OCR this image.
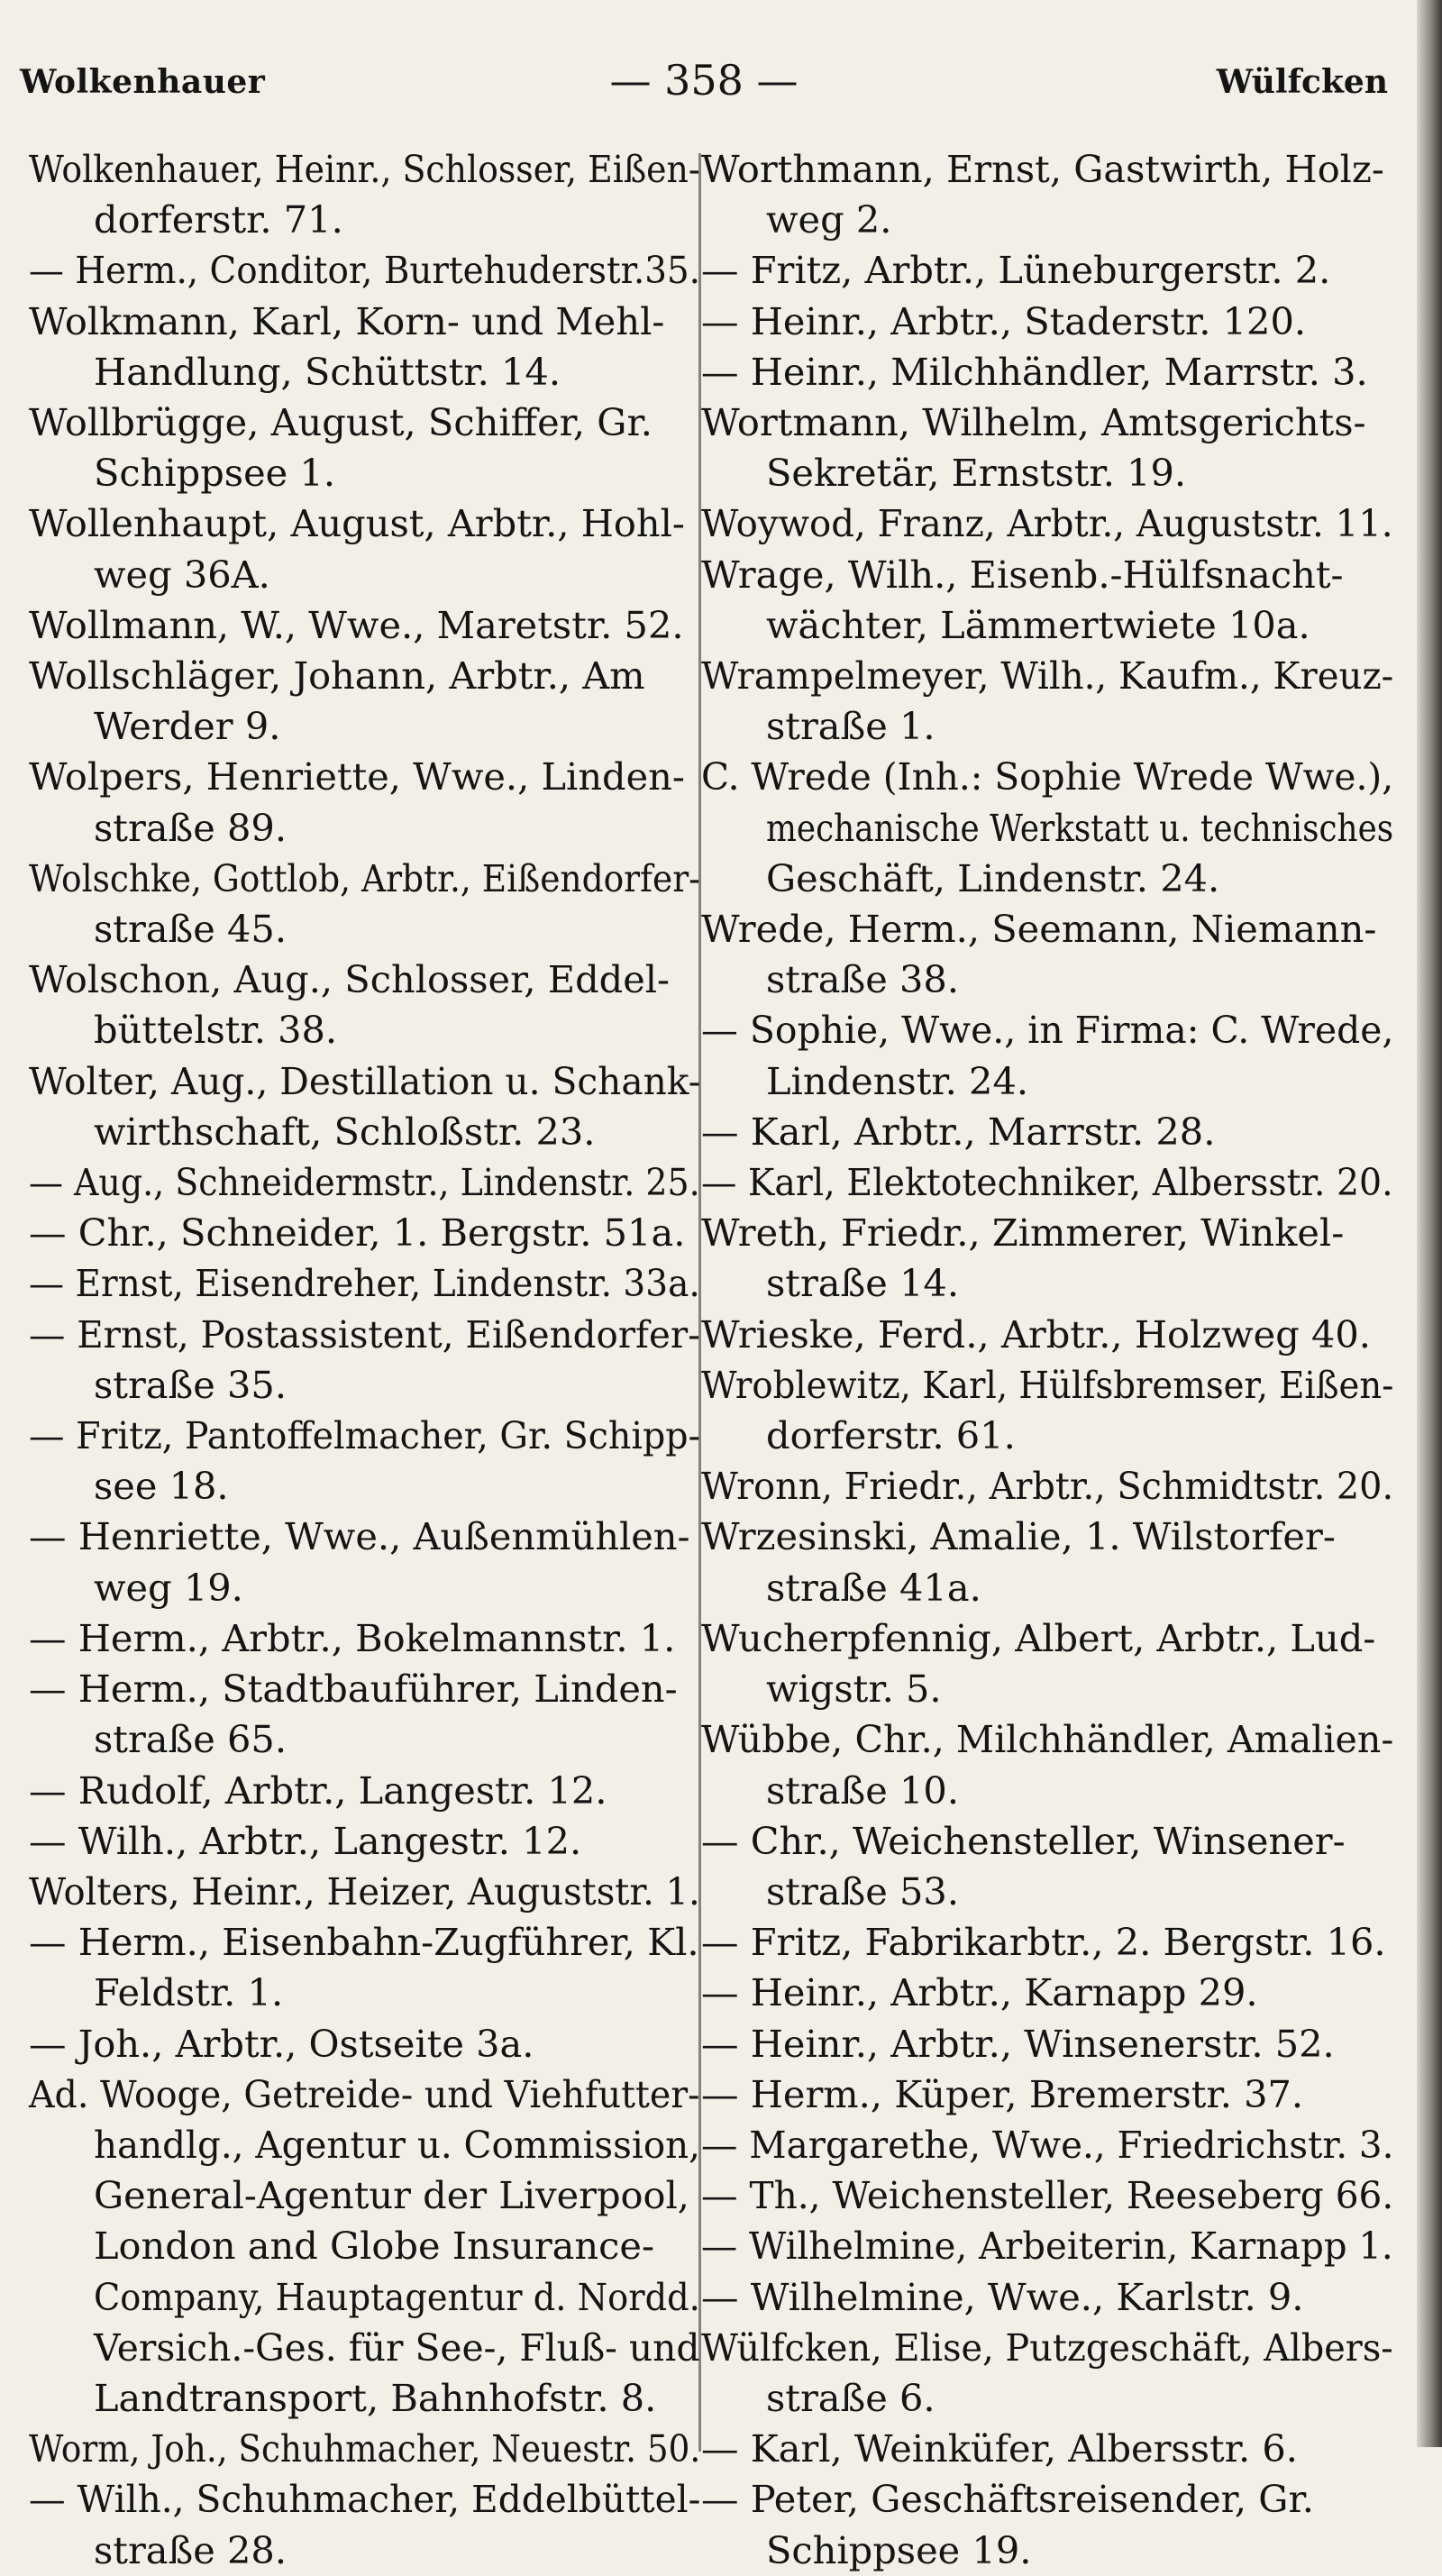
Wolkenhauer	— 358 —	Wülfcken
Wolkenhauer, Heinr., Schlosser, Eißen-
dorferstr. 71.
— Herm., Conditor, Burtehuderstr.35.
Wolkmann, Karl, Korn- und Mehl-
Handlung, Schüttstr. 14.
Wollbrügge, August, Schiffer, Gr.
Schippsee 1.
Wollenhaupt, August, Arbtr., Hohl-
weg 36A.
Wollmann, W., Wwe., Maretstr. 52.
Wollschläger, Johann, Arbtr., Am
Werder 9.
Wolpers, Henriette, Wwe., Linden-
straße 89.
Wolschke, Gottlob, Arbtr., Eißendorfer-
straße 45.
Wolschon, Aug., Schlosser, Eddel-
büttelstr. 38.
Wolter, Aug., Destillation u. Schank-
wirthschaft, Schloßstr. 23.
— Aug., Schneidermstr., Lindenstr. 25.
— Chr., Schneider, 1. Bergstr. 51a.
— Ernst, Eisendreher, Lindenstr. 33a.
— Ernst, Postassistent, Eißendorfer-
straße 35.
— Fritz, Pantoffelmacher, Gr. Schipp-
see 18.
— Henriette, Wwe., Außenmühlen-
weg 19.
— Herm., Arbtr., Bokelmannstr. 1.
— Herm., Stadtbauführer, Linden-
straße 65.
— Rudolf, Arbtr., Langestr. 12.
— Wilh., Arbtr., Langestr. 12.
Wolters, Heinr., Heizer, Auguststr. 1.
— Herm., Eisenbahn-Zugführer, Kl.
Feldstr. 1.
— Joh., Arbtr., Ostseite 3a.
Ad. Wooge, Getreide- und Viehfutter-
handlg., Agentur u. Commission,
General-Agentur der Liverpool,
London and Globe Insurance-
Company, Hauptagentur d. Nordd.
Versich.-Ges. für See-, Fluß- und
Landtransport, Bahnhofstr. 8.
Worm, Joh., Schuhmacher, Neuestr. 50.
— Wilh., Schuhmacher, Eddelbüttel-
straße 28.
Worthmann, Ernst, Gastwirth, Holz-
weg 2.
— Fritz, Arbtr., Lüneburgerstr. 2.
— Heinr., Arbtr., Staderstr. 120.
— Heinr., Milchhändler, Marrstr. 3.
Wortmann, Wilhelm, Amtsgerichts-
Sekretär, Ernststr. 19.
Woywod, Franz, Arbtr., Auguststr. 11.
Wrage, Wilh., Eisenb.-Hülfsnacht-
wächter, Lämmertwiete 10a.
Wrampelmeyer, Wilh., Kaufm., Kreuz-
straße 1.
C. Wrede (Inh.: Sophie Wrede Wwe.),
mechanische Werkstatt u. technisches
Geschäft, Lindenstr. 24.
Wrede, Herm., Seemann, Niemann-
straße 38.
— Sophie, Wwe., in Firma: C. Wrede,
Lindenstr. 24.
— Karl, Arbtr., Marrstr. 28.
— Karl, Elektotechniker, Albersstr. 20.
Wreth, Friedr., Zimmerer, Winkel-
straße 14.
Wrieske, Ferd., Arbtr., Holzweg 40.
Wroblewitz, Karl, Hülfsbremser, Eißen-
dorferstr. 61.
Wronn, Friedr., Arbtr., Schmidtstr. 20.
Wrzesinski, Amalie, 1. Wilstorfer-
straße 41a.
Wucherpfennig, Albert, Arbtr., Lud-
wigstr. 5.
Wübbe, Chr., Milchhändler, Amalien-
straße 10.
— Chr., Weichensteller, Winsener-
straße 53.
— Fritz, Fabrikarbtr., 2. Bergstr. 16.
— Heinr., Arbtr., Karnapp 29.
— Heinr., Arbtr., Winsenerstr. 52.
— Herm., Küper, Bremerstr. 37.
— Margarethe, Wwe., Friedrichstr. 3.
— Th., Weichensteller, Reeseberg 66.
— Wilhelmine, Arbeiterin, Karnapp 1.
— Wilhelmine, Wwe., Karlstr. 9.
Wülfcken, Elise, Putzgeschäft, Albers-
straße 6.
— Karl, Weinküfer, Albersstr. 6.
— Peter, Geschäftsreisender, Gr.
Schippsee 19.
